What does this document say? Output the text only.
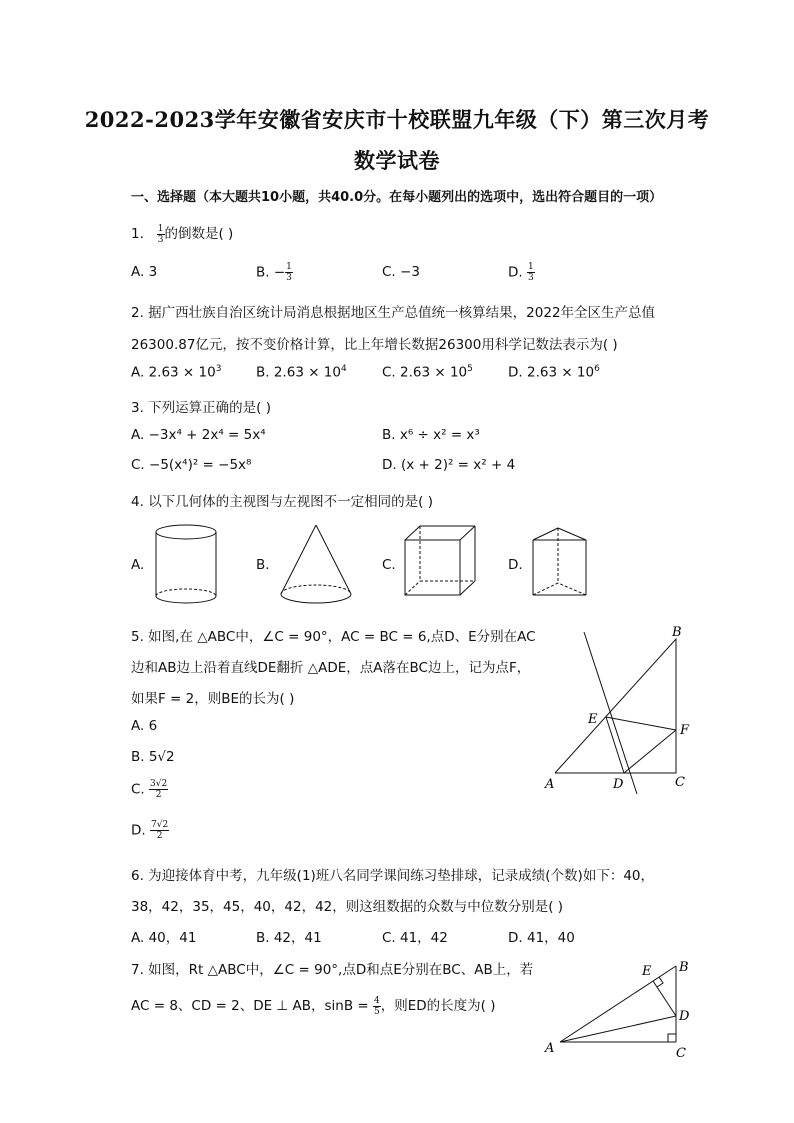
2022-2023学年安徽省安庆市十校联盟九年级（下）第三次月考
数学试卷
一、选择题（本大题共10小题，共40.0分。在每小题列出的选项中，选出符合题目的一项）
1. $\frac{1}{3}$ 的倒数是( )
A. 3	B. − $\frac{1}{3}$	C. −3	D. $\frac{1}{3}$
2. 据广西壮族自治区统计局消息根据地区生产总值统一核算结果，2022年全区生产总值
26300.87亿元，按不变价格计算，比上年增长数据26300用科学记数法表示为( )
A. $2.63 \times 10^3$	B. $2.63 \times 10^4$	C. $2.63 \times 10^5$	D. $2.63 \times 10^6$
3. 下列运算正确的是( )
A. −3x⁴ + 2x⁴ = 5x⁴	B. x⁶ ÷ x² = x³
C. −5(x⁴)² = −5x⁸	D. (x + 2)² = x² + 4
4. 以下几何体的主视图与左视图不一定相同的是( )
A.	B.	C.	D.
5. 如图,在 △ABC中，∠C = 90°，AC = BC = 6,点D、E分别在AC
边和AB边上沿着直线DE翻折 △ADE，点A落在BC边上，记为点F，
如果F = 2，则BE的长为( )
A. 6
B. 5√2
C. $\frac{3√2}{2}$
D. $\frac{7√2}{2}$
B
E
F
A	D	C
6. 为迎接体育中考，九年级(1)班八名同学课间练习垫排球，记录成绩(个数)如下：40，
38，42，35，45，40，42，42，则这组数据的众数与中位数分别是( )
A. 40，41	B. 42，41	C. 41，42	D. 41，40
7. 如图，Rt △ABC中，∠C = 90°,点D和点E分别在BC、AB上，若
AC = 8、CD = 2、DE ⊥ AB，$\sin B = \frac{4}{5}$ ，则ED的长度为( )
E B
D
A	C
